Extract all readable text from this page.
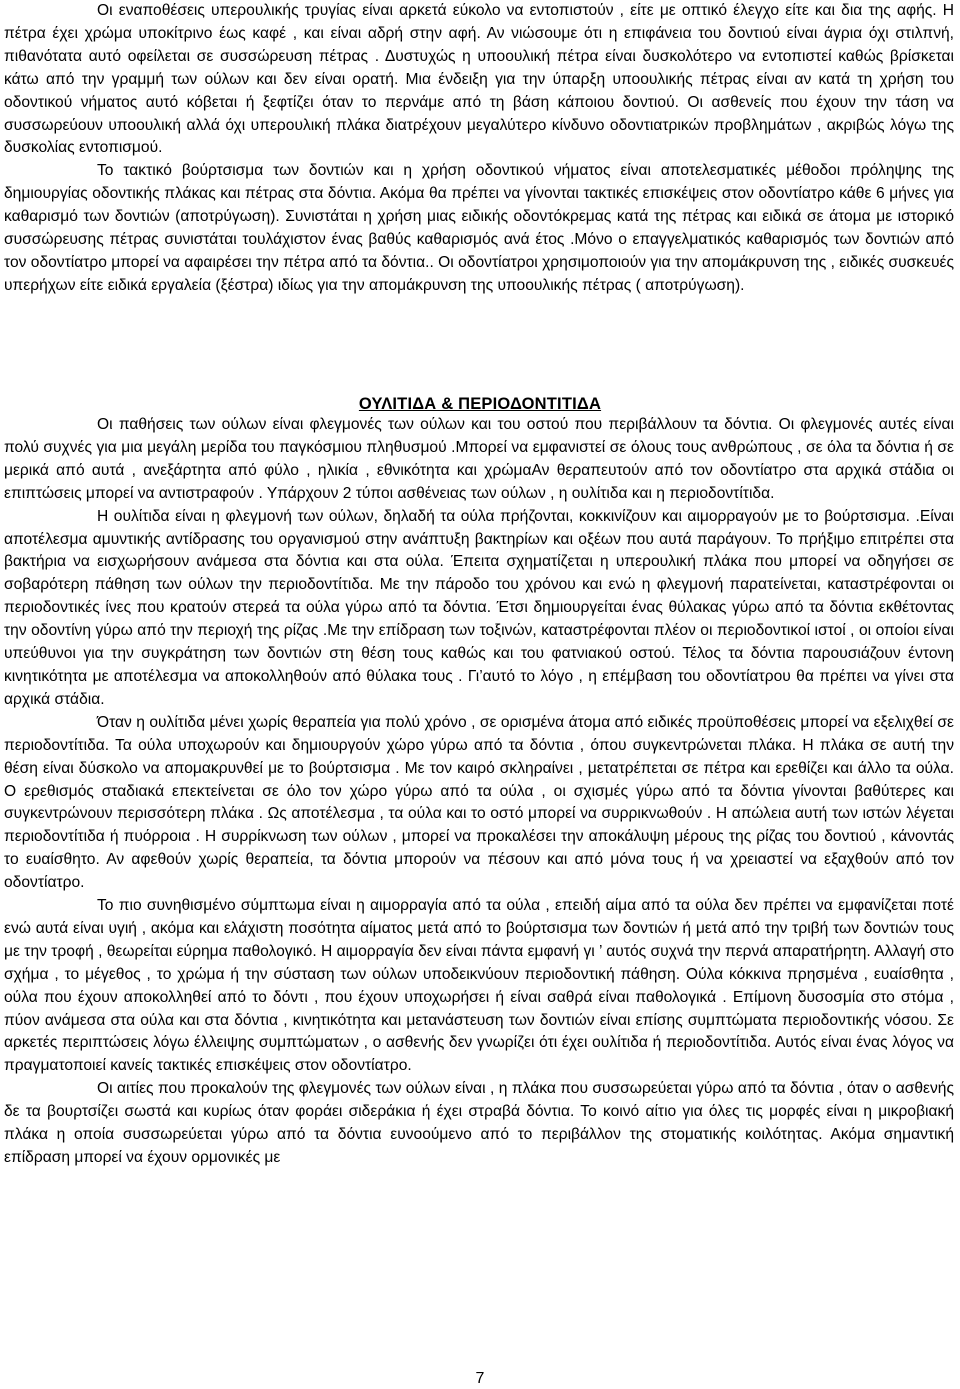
Οι εναποθέσεις υπερουλικής τρυγίας είναι αρκετά εύκολο να εντοπιστούν , είτε με οπτικό έλεγχο είτε και δια της αφής. Η πέτρα έχει χρώμα υποκίτρινο έως καφέ , και είναι αδρή στην αφή. Αν νιώσουμε ότι η επιφάνεια του δοντιού είναι άγρια όχι στιλπνή, πιθανότατα αυτό οφείλεται σε συσσώρευση πέτρας . Δυστυχώς η υποουλική πέτρα είναι δυσκολότερο να εντοπιστεί καθώς βρίσκεται κάτω από την γραμμή των ούλων και δεν είναι ορατή. Μια ένδειξη για την ύπαρξη υποουλικής πέτρας είναι αν κατά τη χρήση του οδοντικού νήματος αυτό κόβεται ή ξεφτίζει όταν το περνάμε από τη βάση κάποιου δοντιού. Οι ασθενείς που έχουν την τάση να συσσωρεύουν υποουλική αλλά όχι υπερουλική πλάκα διατρέχουν μεγαλύτερο κίνδυνο οδοντιατρικών προβλημάτων , ακριβώς λόγω της δυσκολίας εντοπισμού.

Το τακτικό βούρτσισμα των δοντιών και η χρήση οδοντικού νήματος είναι αποτελεσματικές μέθοδοι πρόληψης της δημιουργίας οδοντικής πλάκας και πέτρας στα δόντια. Ακόμα θα πρέπει να γίνονται τακτικές επισκέψεις στον οδοντίατρο κάθε 6 μήνες για καθαρισμό των δοντιών (αποτρύγωση). Συνιστάται η χρήση μιας ειδικής οδοντόκρεμας κατά της πέτρας και ειδικά σε άτομα με ιστορικό συσσώρευσης πέτρας συνιστάται τουλάχιστον ένας βαθύς καθαρισμός ανά έτος .Μόνο ο επαγγελματικός καθαρισμός των δοντιών από τον οδοντίατρο μπορεί να αφαιρέσει την πέτρα από τα δόντια.. Οι οδοντίατροι χρησιμοποιούν για την απομάκρυνση της , ειδικές συσκευές υπερήχων είτε ειδικά εργαλεία (ξέστρα) ιδίως για την απομάκρυνση της υποουλικής πέτρας ( αποτρύγωση).

ΟΥΛΙΤΙΔΑ & ΠΕΡΙΟΔΟΝΤΙΤΙΔΑ

Οι παθήσεις των ούλων είναι φλεγμονές των ούλων και του οστού που περιβάλλουν τα δόντια. Οι φλεγμονές αυτές είναι πολύ συχνές για μια μεγάλη μερίδα του παγκόσμιου πληθυσμού .Μπορεί να εμφανιστεί σε όλους τους ανθρώπους , σε όλα τα δόντια ή σε μερικά από αυτά , ανεξάρτητα από φύλο , ηλικία , εθνικότητα και χρώμαΑν θεραπευτούν από τον οδοντίατρο στα αρχικά στάδια οι επιπτώσεις μπορεί να αντιστραφούν . Υπάρχουν 2 τύποι ασθένειας των ούλων , η ουλίτιδα και η περιοδοντίτιδα.

Η ουλίτιδα είναι η φλεγμονή των ούλων, δηλαδή τα ούλα πρήζονται, κοκκινίζουν και αιμορραγούν με το βούρτσισμα. .Είναι αποτέλεσμα αμυντικής αντίδρασης του οργανισμού στην ανάπτυξη βακτηρίων και οξέων που αυτά παράγουν. Το πρήξιμο επιτρέπει στα βακτήρια να εισχωρήσουν ανάμεσα στα δόντια και στα ούλα. Έπειτα σχηματίζεται η υπερουλική πλάκα που μπορεί να οδηγήσει σε σοβαρότερη πάθηση των ούλων την περιοδοντίτιδα. Με την πάροδο του χρόνου και ενώ η φλεγμονή παρατείνεται, καταστρέφονται οι περιοδοντικές ίνες που κρατούν στερεά τα ούλα γύρω από τα δόντια. Έτσι δημιουργείται ένας θύλακας γύρω από τα δόντια εκθέτοντας την οδοντίνη γύρω από την περιοχή της ρίζας .Με την επίδραση των τοξινών, καταστρέφονται πλέον οι περιοδοντικοί ιστοί , οι οποίοι είναι υπεύθυνοι για την συγκράτηση των δοντιών στη θέση τους καθώς και του φατνιακού οστού. Τέλος τα δόντια παρουσιάζουν έντονη κινητικότητα με αποτέλεσμα να αποκολληθούν από θύλακα τους . Γι’αυτό το λόγο , η επέμβαση του οδοντίατρου θα πρέπει να γίνει στα αρχικά στάδια.

Όταν η ουλίτιδα μένει χωρίς θεραπεία για πολύ χρόνο , σε ορισμένα άτομα από ειδικές προϋποθέσεις μπορεί να εξελιχθεί σε περιοδοντίτιδα. Τα ούλα υποχωρούν και δημιουργούν χώρο γύρω από τα δόντια , όπου συγκεντρώνεται πλάκα. Η πλάκα σε αυτή την θέση είναι δύσκολο να απομακρυνθεί με το βούρτσισμα . Με τον καιρό σκληραίνει , μετατρέπεται σε πέτρα και ερεθίζει και άλλο τα ούλα. Ο ερεθισμός σταδιακά επεκτείνεται σε όλο τον χώρο γύρω από τα ούλα , οι σχισμές γύρω από τα δόντια γίνονται βαθύτερες και συγκεντρώνουν περισσότερη πλάκα . Ως αποτέλεσμα , τα ούλα και το οστό μπορεί να συρρικνωθούν . Η απώλεια αυτή των ιστών λέγεται περιοδοντίτιδα ή πυόρροια . Η συρρίκνωση των ούλων , μπορεί να προκαλέσει την αποκάλυψη μέρους της ρίζας του δοντιού , κάνοντάς το ευαίσθητο. Αν αφεθούν χωρίς θεραπεία, τα δόντια μπορούν να πέσουν και από μόνα τους ή να χρειαστεί να εξαχθούν από τον οδοντίατρο.

Το πιο συνηθισμένο σύμπτωμα είναι η αιμορραγία από τα ούλα , επειδή αίμα από τα ούλα δεν πρέπει να εμφανίζεται ποτέ ενώ αυτά είναι υγιή , ακόμα και ελάχιστη ποσότητα αίματος μετά από το βούρτσισμα των δοντιών ή μετά από την τριβή των δοντιών τους με την τροφή , θεωρείται εύρημα παθολογικό. Η αιμορραγία δεν είναι πάντα εμφανή γι ’ αυτός συχνά την περνά απαρατήρητη. Αλλαγή στο σχήμα , το μέγεθος , το χρώμα ή την σύσταση των ούλων υποδεικνύουν περιοδοντική πάθηση. Ούλα κόκκινα πρησμένα , ευαίσθητα , ούλα που έχουν αποκολληθεί από το δόντι , που έχουν υποχωρήσει ή είναι σαθρά είναι παθολογικά . Επίμονη δυσοσμία στο στόμα , πύον ανάμεσα στα ούλα και στα δόντια , κινητικότητα και μετανάστευση των δοντιών είναι επίσης συμπτώματα περιοδοντικής νόσου. Σε αρκετές περιπτώσεις λόγω έλλειψης συμπτώματων , ο ασθενής δεν γνωρίζει ότι έχει ουλίτιδα ή περιοδοντίτιδα. Αυτός είναι ένας λόγος να πραγματοποιεί κανείς τακτικές επισκέψεις στον οδοντίατρο.

Οι αιτίες που προκαλούν της φλεγμονές των ούλων είναι , η πλάκα που συσσωρεύεται γύρω από τα δόντια , όταν ο ασθενής δε τα βουρτσίζει σωστά και κυρίως όταν φοράει σιδεράκια ή έχει στραβά δόντια. Το κοινό αίτιο για όλες τις μορφές είναι η μικροβιακή πλάκα η οποία συσσωρεύεται γύρω από τα δόντια ευνοούμενο από το περιβάλλον της στοματικής κοιλότητας. Ακόμα σημαντική επίδραση μπορεί να έχουν ορμονικές με

7
